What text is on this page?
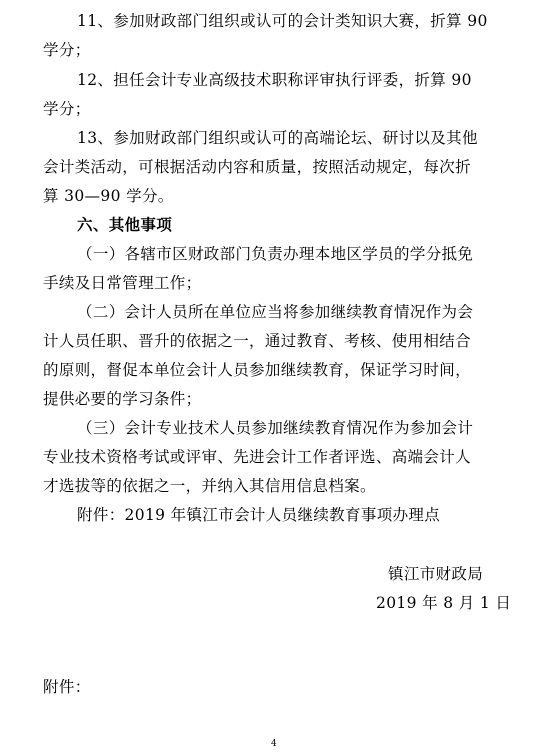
11、参加财政部门组织或认可的会计类知识大赛，折算 90
学分；
12、担任会计专业高级技术职称评审执行评委，折算 90
学分；
13、参加财政部门组织或认可的高端论坛、研讨以及其他
会计类活动，可根据活动内容和质量，按照活动规定，每次折
算 30—90 学分。
六、其他事项
（一）各辖市区财政部门负责办理本地区学员的学分抵免
手续及日常管理工作；
（二）会计人员所在单位应当将参加继续教育情况作为会
计人员任职、晋升的依据之一，通过教育、考核、使用相结合
的原则，督促本单位会计人员参加继续教育，保证学习时间，
提供必要的学习条件；
（三）会计专业技术人员参加继续教育情况作为参加会计
专业技术资格考试或评审、先进会计工作者评选、高端会计人
才选拔等的依据之一，并纳入其信用信息档案。
附件：2019 年镇江市会计人员继续教育事项办理点
镇江市财政局
2019 年 8 月 1 日
附件：
4
